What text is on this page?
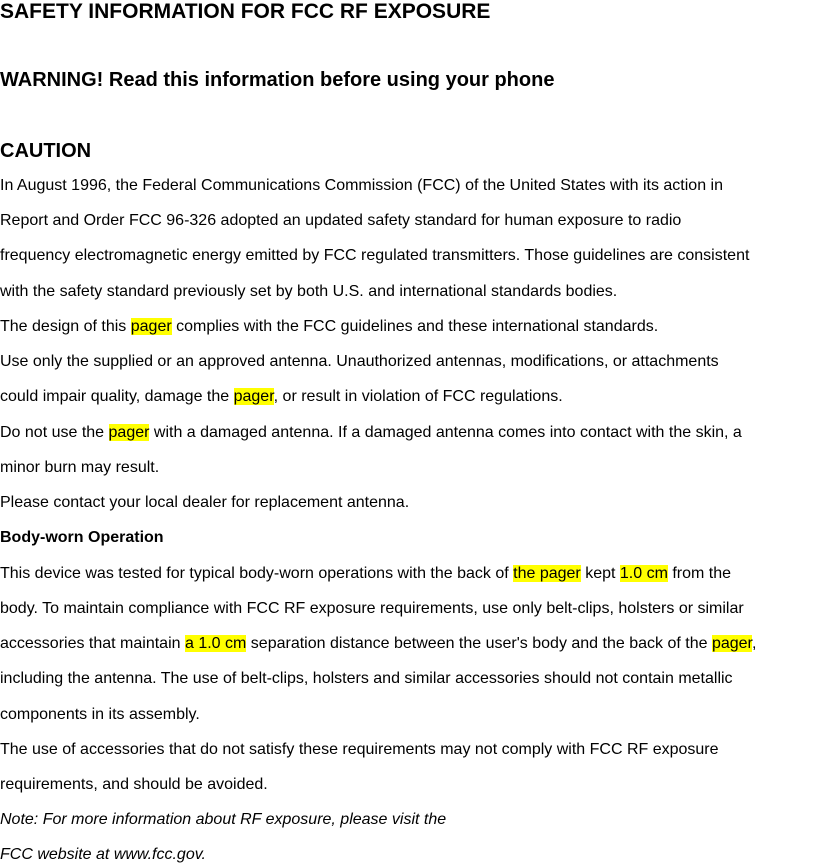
SAFETY INFORMATION FOR FCC RF EXPOSURE
WARNING! Read this information before using your phone
CAUTION
In August 1996, the Federal Communications Commission (FCC) of the United States with its action in
Report and Order FCC 96-326 adopted an updated safety standard for human exposure to radio
frequency electromagnetic energy emitted by FCC regulated transmitters. Those guidelines are consistent
with the safety standard previously set by both U.S. and international standards bodies.
The design of this pager complies with the FCC guidelines and these international standards.
Use only the supplied or an approved antenna. Unauthorized antennas, modifications, or attachments
could impair quality, damage the pager, or result in violation of FCC regulations.
Do not use the pager with a damaged antenna. If a damaged antenna comes into contact with the skin, a
minor burn may result.
Please contact your local dealer for replacement antenna.
Body-worn Operation
This device was tested for typical body-worn operations with the back of the pager kept 1.0 cm from the
body. To maintain compliance with FCC RF exposure requirements, use only belt-clips, holsters or similar
accessories that maintain a 1.0 cm separation distance between the user's body and the back of the pager,
including the antenna. The use of belt-clips, holsters and similar accessories should not contain metallic
components in its assembly.
The use of accessories that do not satisfy these requirements may not comply with FCC RF exposure
requirements, and should be avoided.
Note: For more information about RF exposure, please visit the
FCC website at www.fcc.gov.
